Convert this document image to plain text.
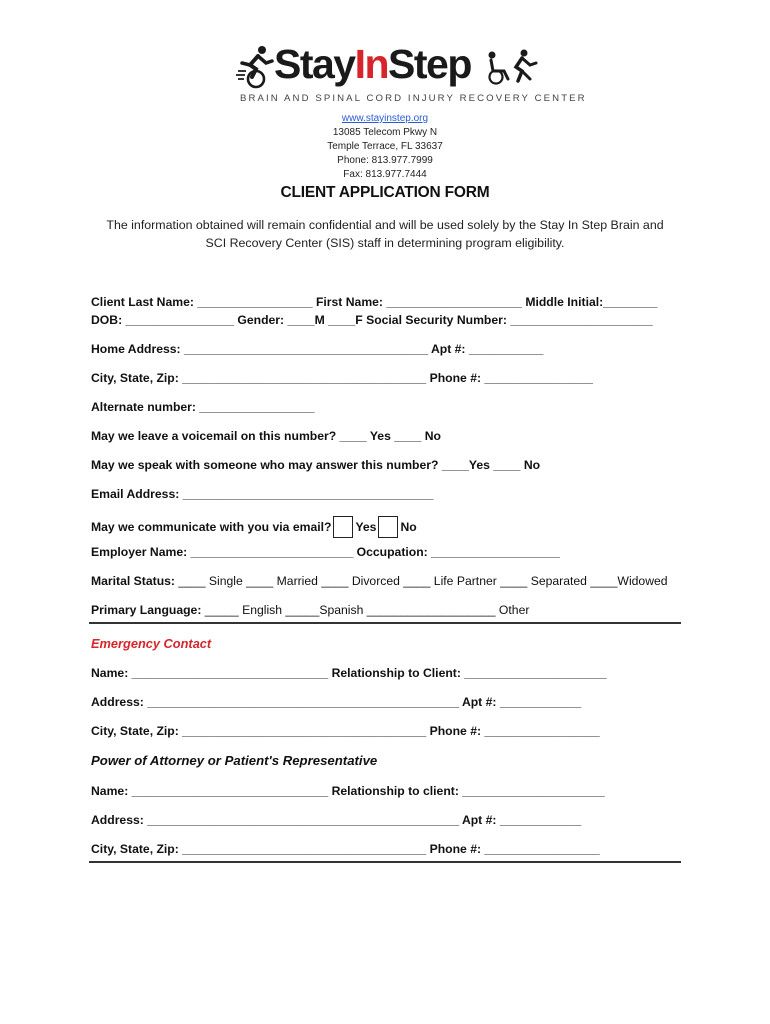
StayInStep
BRAIN AND SPINAL CORD INJURY RECOVERY CENTER
www.stayinstep.org
13085 Telecom Pkwy N
Temple Terrace, FL 33637
Phone: 813.977.7999
Fax: 813.977.7444
CLIENT APPLICATION FORM
The information obtained will remain confidential and will be used solely by the Stay In Step Brain and
SCI Recovery Center (SIS) staff in determining program eligibility.
Client Last Name: _________________ First Name: ____________________ Middle Initial:________
DOB: ________________ Gender: ____M ____F Social Security Number: _____________________
Home Address: ____________________________________ Apt #: ___________
City, State, Zip: ____________________________________ Phone #: ________________
Alternate number: _________________
May we leave a voicemail on this number? ____ Yes ____ No
May we speak with someone who may answer this number? ____Yes ____ No
Email Address: _____________________________________
May we communicate with you via email? Yes No
Employer Name: ________________________ Occupation: ___________________
Marital Status: ____ Single ____ Married ____ Divorced ____ Life Partner ____ Separated ____Widowed
Primary Language: _____ English _____Spanish ___________________ Other
Emergency Contact
Name: _____________________________ Relationship to Client: _____________________
Address: ______________________________________________ Apt #: ____________
City, State, Zip: ____________________________________ Phone #: _________________
Power of Attorney or Patient's Representative
Name: _____________________________ Relationship to client: _____________________
Address: ______________________________________________ Apt #: ____________
City, State, Zip: ____________________________________ Phone #: _________________
